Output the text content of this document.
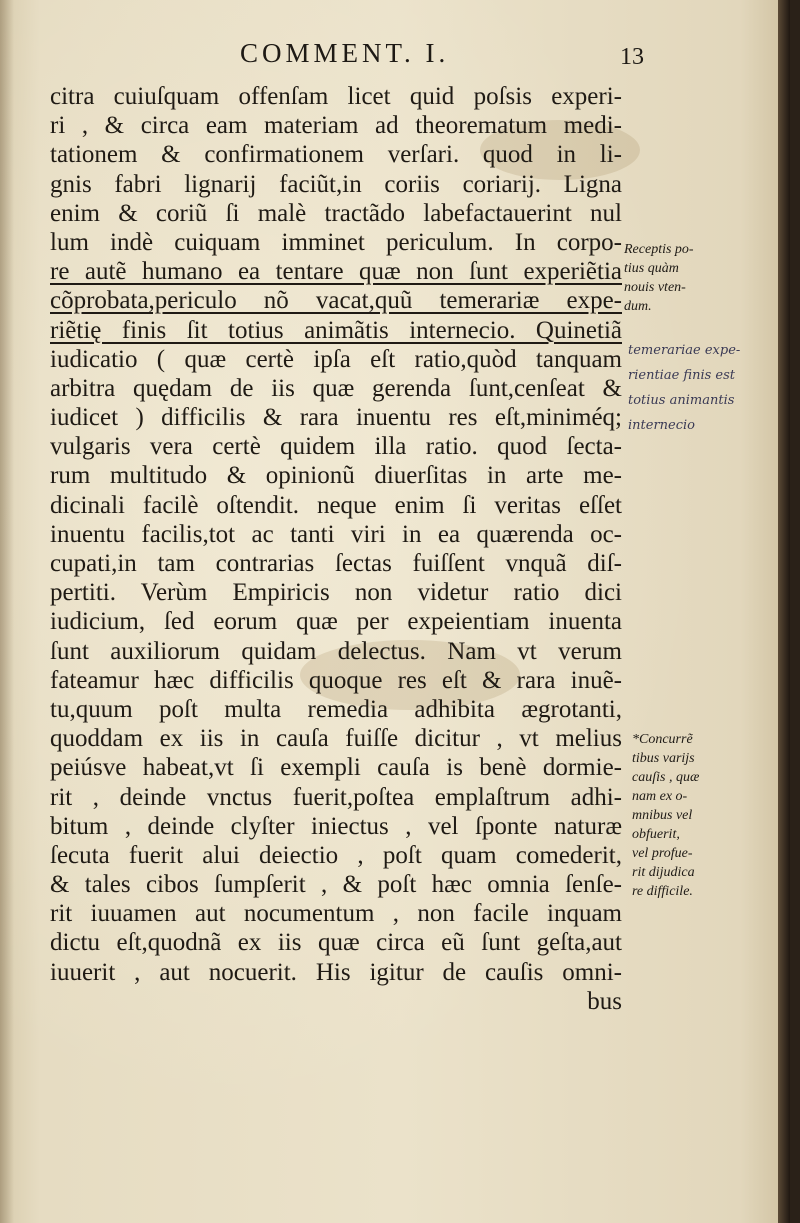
COMMENT. I.	13
citra cuiuſquam offenſam licet quid poſsis experi-
ri , & circa eam materiam ad theorematum medi-
tationem & confirmationem verſari. quod in li-
gnis fabri lignarij faciũt,in coriis coriarij. Ligna
enim & coriũ ſi malè tractãdo labefactauerint nul
lum indè cuiquam imminet periculum. In corpo-
re autẽ humano ea tentare quæ non ſunt experiẽtia
cõprobata,periculo nõ vacat,quũ temerariæ expe-
riẽtię finis ſit totius animãtis internecio. Quinetiã
iudicatio ( quæ certè ipſa eſt ratio,quòd tanquam
arbitra quędam de iis quæ gerenda ſunt,cenſeat &
iudicet ) difficilis & rara inuentu res eſt,miniméq;
vulgaris vera certè quidem illa ratio. quod ſecta-
rum multitudo & opinionũ diuerſitas in arte me-
dicinali facilè oſtendit. neque enim ſi veritas eſſet
inuentu facilis,tot ac tanti viri in ea quærenda oc-
cupati,in tam contrarias ſectas fuiſſent vnquã diſ-
pertiti. Verùm Empiricis non videtur ratio dici
iudicium, ſed eorum quæ per expeientiam inuenta
ſunt auxiliorum quidam delectus. Nam vt verum
fateamur hæc difficilis quoque res eſt & rara inuẽ-
tu,quum poſt multa remedia adhibita ægrotanti,
quoddam ex iis in cauſa fuiſſe dicitur , vt melius
peiúsve habeat,vt ſi exempli cauſa is benè dormie-
rit , deinde vnctus fuerit,poſtea emplaſtrum adhi-
bitum , deinde clyſter iniectus , vel ſponte naturæ
ſecuta fuerit alui deiectio , poſt quam comederit,
& tales cibos ſumpſerit , & poſt hæc omnia ſenſe-
rit iuuamen aut nocumentum , non facile inquam
dictu eſt,quodnã ex iis quæ circa eũ ſunt geſta,aut
iuuerit , aut nocuerit. His igitur de cauſis omni-
bus
Receptis po-
tius quàm
nouis vten-
dum.
temerariae expe-
rientiae finis est
totius animantis
internecio
*Concurrẽ
tibus varijs
cauſis , quæ
nam ex o-
mnibus vel
obfuerit,
vel profue-
rit dijudica
re difficile.
